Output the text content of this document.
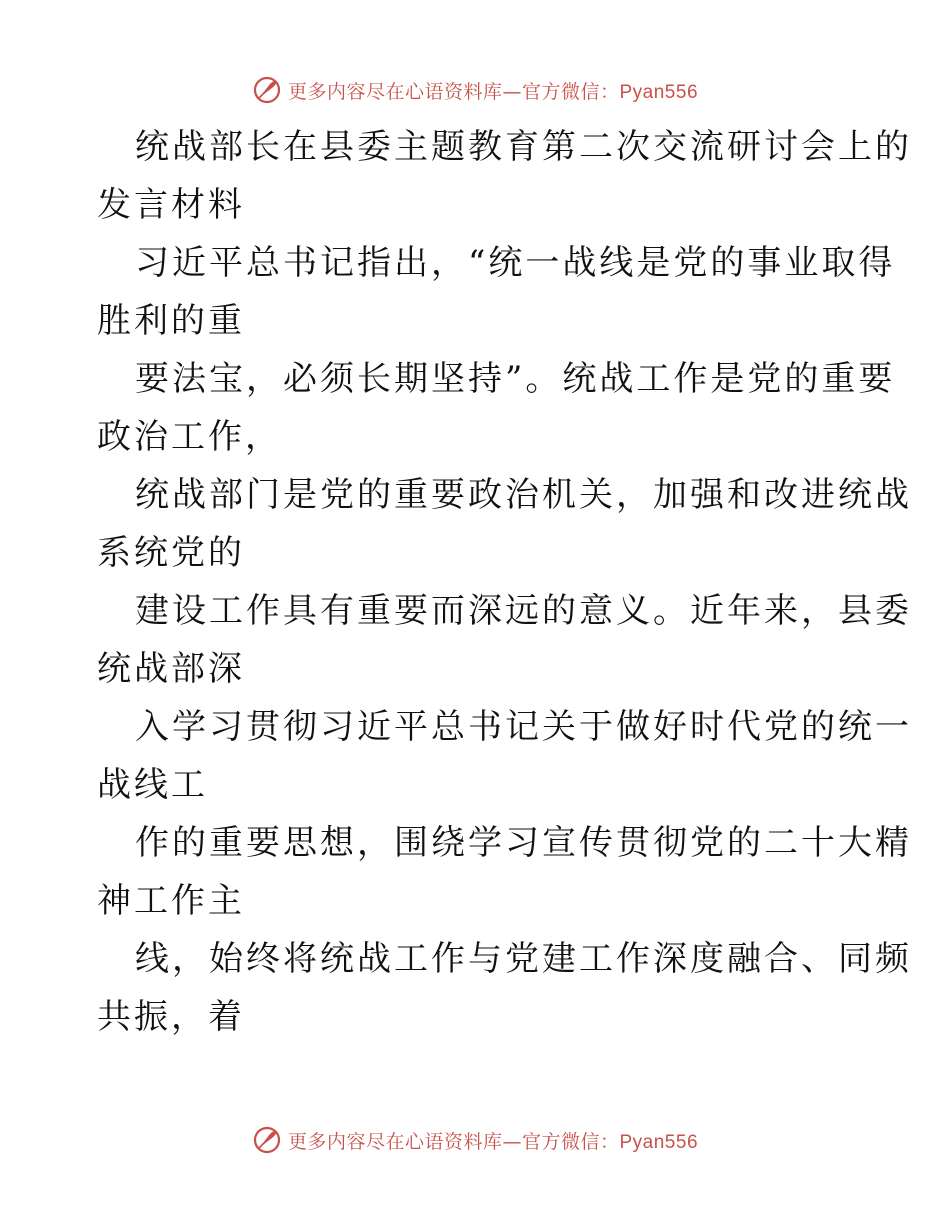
更多内容尽在心语资料库—官方微信：Pyan556

统战部长在县委主题教育第二次交流研讨会上的
发言材料

习近平总书记指出，“统一战线是党的事业取得
胜利的重

要法宝，必须长期坚持”。统战工作是党的重要
政治工作，

统战部门是党的重要政治机关，加强和改进统战
系统党的

建设工作具有重要而深远的意义。近年来，县委
统战部深

入学习贯彻习近平总书记关于做好时代党的统一
战线工

作的重要思想，围绕学习宣传贯彻党的二十大精
神工作主

线，始终将统战工作与党建工作深度融合、同频
共振，着

更多内容尽在心语资料库—官方微信：Pyan556
